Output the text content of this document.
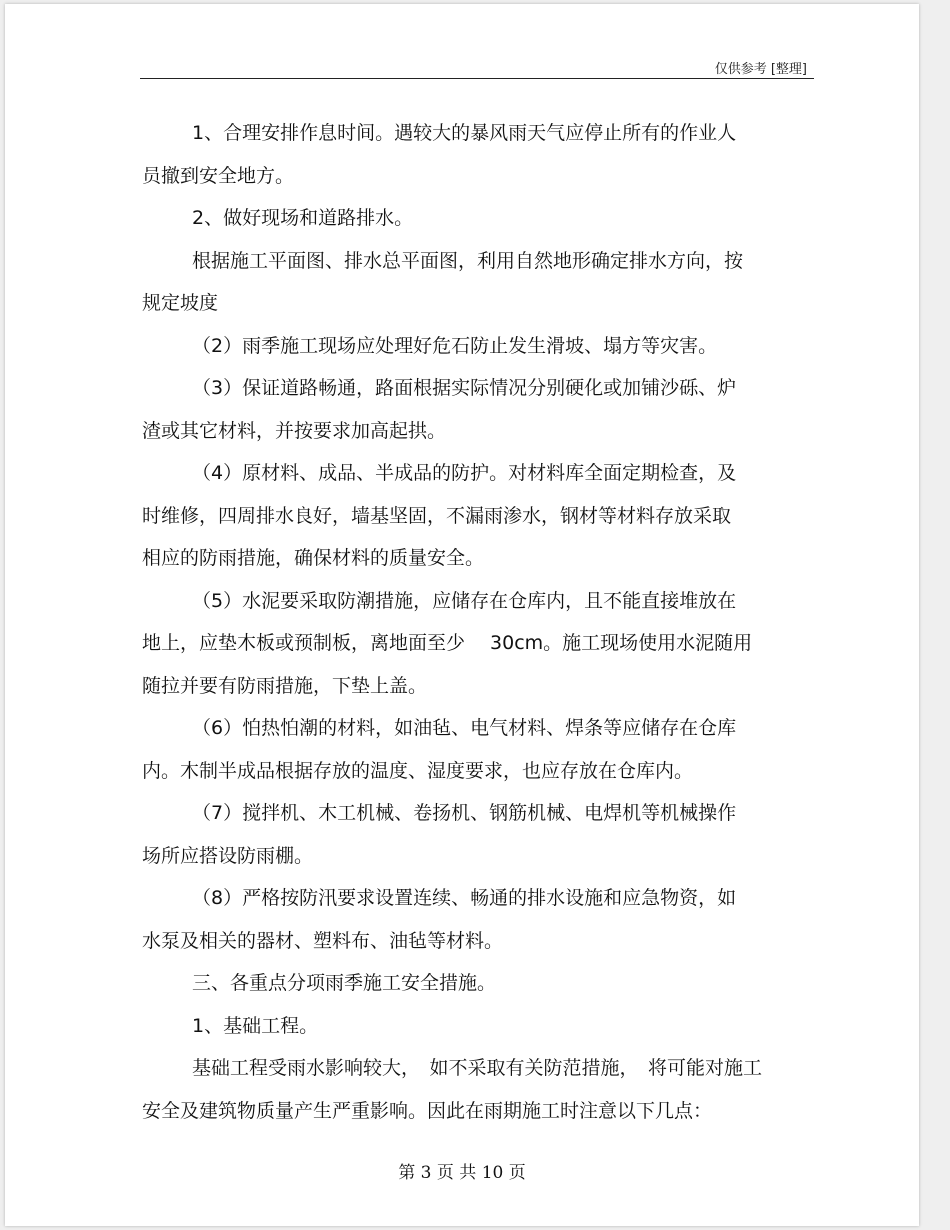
仅供参考 [整理]

1、合理安排作息时间。遇较大的暴风雨天气应停止所有的作业人

员撤到安全地方。

2、做好现场和道路排水。

根据施工平面图、排水总平面图，利用自然地形确定排水方向，按

规定坡度

（2）雨季施工现场应处理好危石防止发生滑坡、塌方等灾害。

（3）保证道路畅通，路面根据实际情况分别硬化或加铺沙砾、炉

渣或其它材料，并按要求加高起拱。

（4）原材料、成品、半成品的防护。对材料库全面定期检查，及

时维修，四周排水良好，墙基坚固，不漏雨渗水，钢材等材料存放采取

相应的防雨措施，确保材料的质量安全。

（5）水泥要采取防潮措施，应储存在仓库内，且不能直接堆放在

地上，应垫木板或预制板，离地面至少　 30cm。施工现场使用水泥随用

随拉并要有防雨措施，下垫上盖。

（6）怕热怕潮的材料，如油毡、电气材料、焊条等应储存在仓库

内。木制半成品根据存放的温度、湿度要求，也应存放在仓库内。

（7）搅拌机、木工机械、卷扬机、钢筋机械、电焊机等机械操作

场所应搭设防雨棚。

（8）严格按防汛要求设置连续、畅通的排水设施和应急物资，如

水泵及相关的器材、塑料布、油毡等材料。

三、各重点分项雨季施工安全措施。

1、基础工程。

基础工程受雨水影响较大，　如不采取有关防范措施，　将可能对施工

安全及建筑物质量产生严重影响。因此在雨期施工时注意以下几点：

第 3 页 共 10 页
